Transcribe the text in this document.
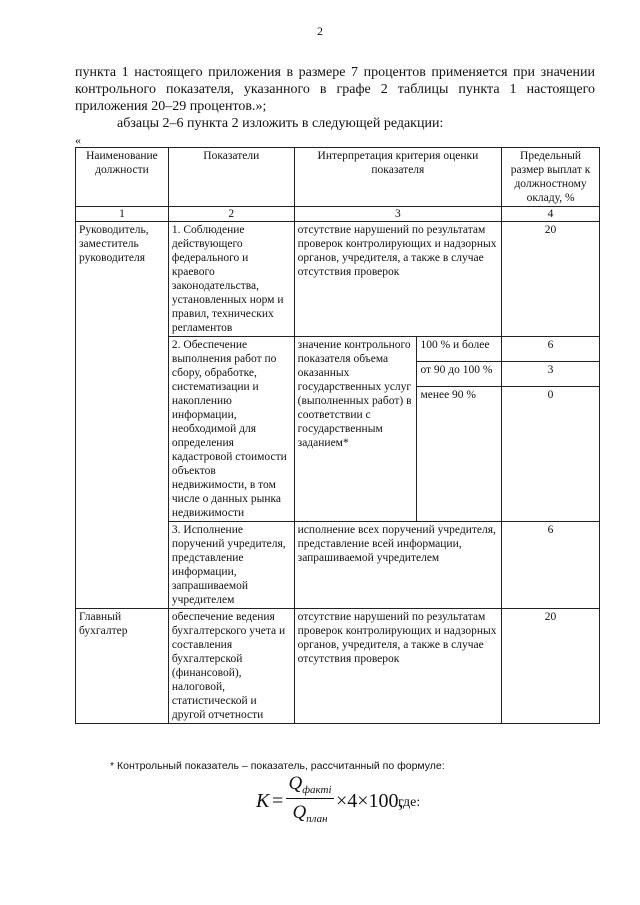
2
пункта 1 настоящего приложения в размере 7 процентов применяется при значении контрольного показателя, указанного в графе 2 таблицы пункта 1 настоящего приложения 20–29 процентов.»;
абзацы 2–6 пункта 2 изложить в следующей редакции:
«
Наименование должности	Показатели	Интерпретация критерия оценки показателя		Предельный размер выплат к должностному окладу, %
1	2	3		4
Руководитель, заместитель руководителя	1. Соблюдение действующего федерального и краевого законодательства, установленных норм и правил, технических регламентов	отсутствие нарушений по результатам проверок контролирующих и надзорных органов, учредителя, а также в случае отсутствия проверок		20
	2. Обеспечение выполнения работ по сбору, обработке, систематизации и накоплению информации, необходимой для определения кадастровой стоимости объектов недвижимости, в том числе о данных рынка недвижимости	значение контрольного показателя объема оказанных государственных услуг (выполненных работ) в соответствии с государственным заданием*	100 % и более	6
			от 90 до 100 %	3
			менее 90 %	0
	3. Исполнение поручений учредителя, представление информации, запрашиваемой учредителем	исполнение всех поручений учредителя, представление всей информации, запрашиваемой учредителем		6
Главный бухгалтер	обеспечение ведения бухгалтерского учета и составления бухгалтерской (финансовой), налоговой, статистической и другой отчетности	отсутствие нарушений по результатам проверок контролирующих и надзорных органов, учредителя, а также в случае отсутствия проверок		20
* Контрольный показатель – показатель, рассчитанный по формуле:
K =
$Q_{фактi}$
$Q_{план}$
×4×100,
где:
